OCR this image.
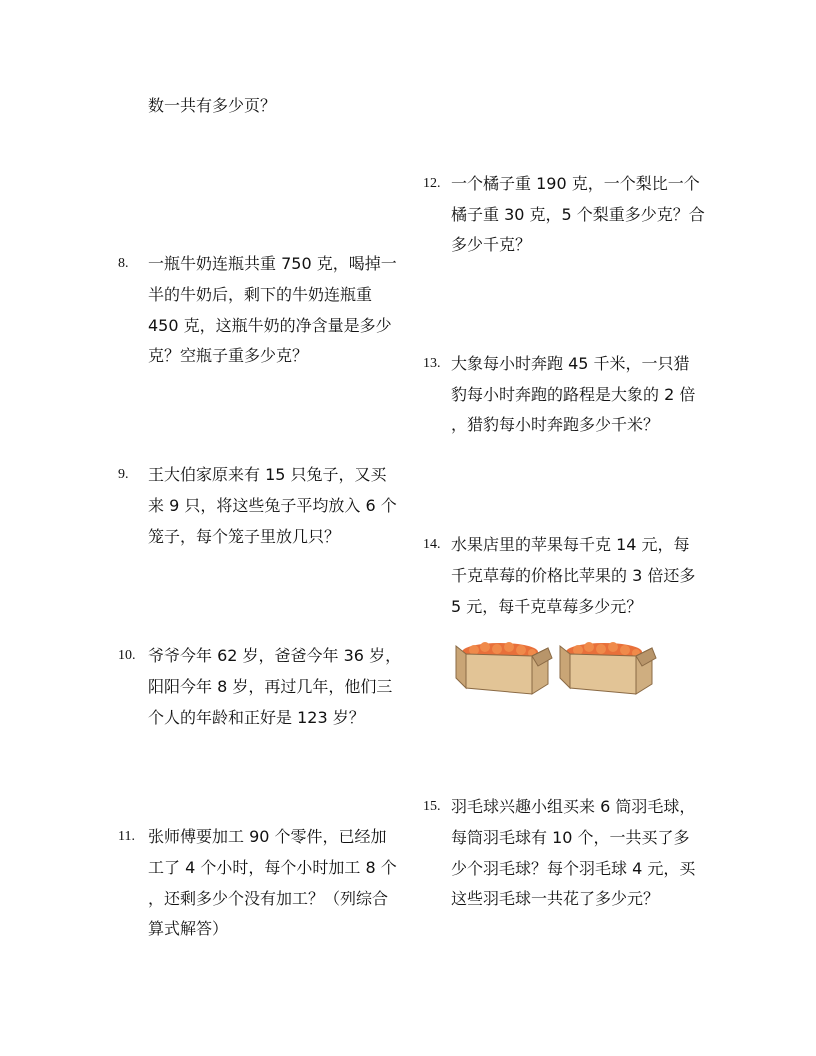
数一共有多少页？
8. 一瓶牛奶连瓶共重 750 克，喝掉一
半的牛奶后，剩下的牛奶连瓶重
450 克，这瓶牛奶的净含量是多少
克？空瓶子重多少克？
9. 王大伯家原来有 15 只兔子，又买
来 9 只，将这些兔子平均放入 6 个
笼子，每个笼子里放几只？
10. 爷爷今年 62 岁，爸爸今年 36 岁，
阳阳今年 8 岁，再过几年，他们三
个人的年龄和正好是 123 岁？
11. 张师傅要加工 90 个零件，已经加
工了 4 个小时，每个小时加工 8 个
，还剩多少个没有加工？（列综合
算式解答）
12. 一个橘子重 190 克，一个梨比一个
橘子重 30 克，5 个梨重多少克？合
多少千克？
13. 大象每小时奔跑 45 千米，一只猎
豹每小时奔跑的路程是大象的 2 倍
，猎豹每小时奔跑多少千米？
14. 水果店里的苹果每千克 14 元，每
千克草莓的价格比苹果的 3 倍还多
5 元，每千克草莓多少元？
15. 羽毛球兴趣小组买来 6 筒羽毛球，
每筒羽毛球有 10 个，一共买了多
少个羽毛球？每个羽毛球 4 元，买
这些羽毛球一共花了多少元？
